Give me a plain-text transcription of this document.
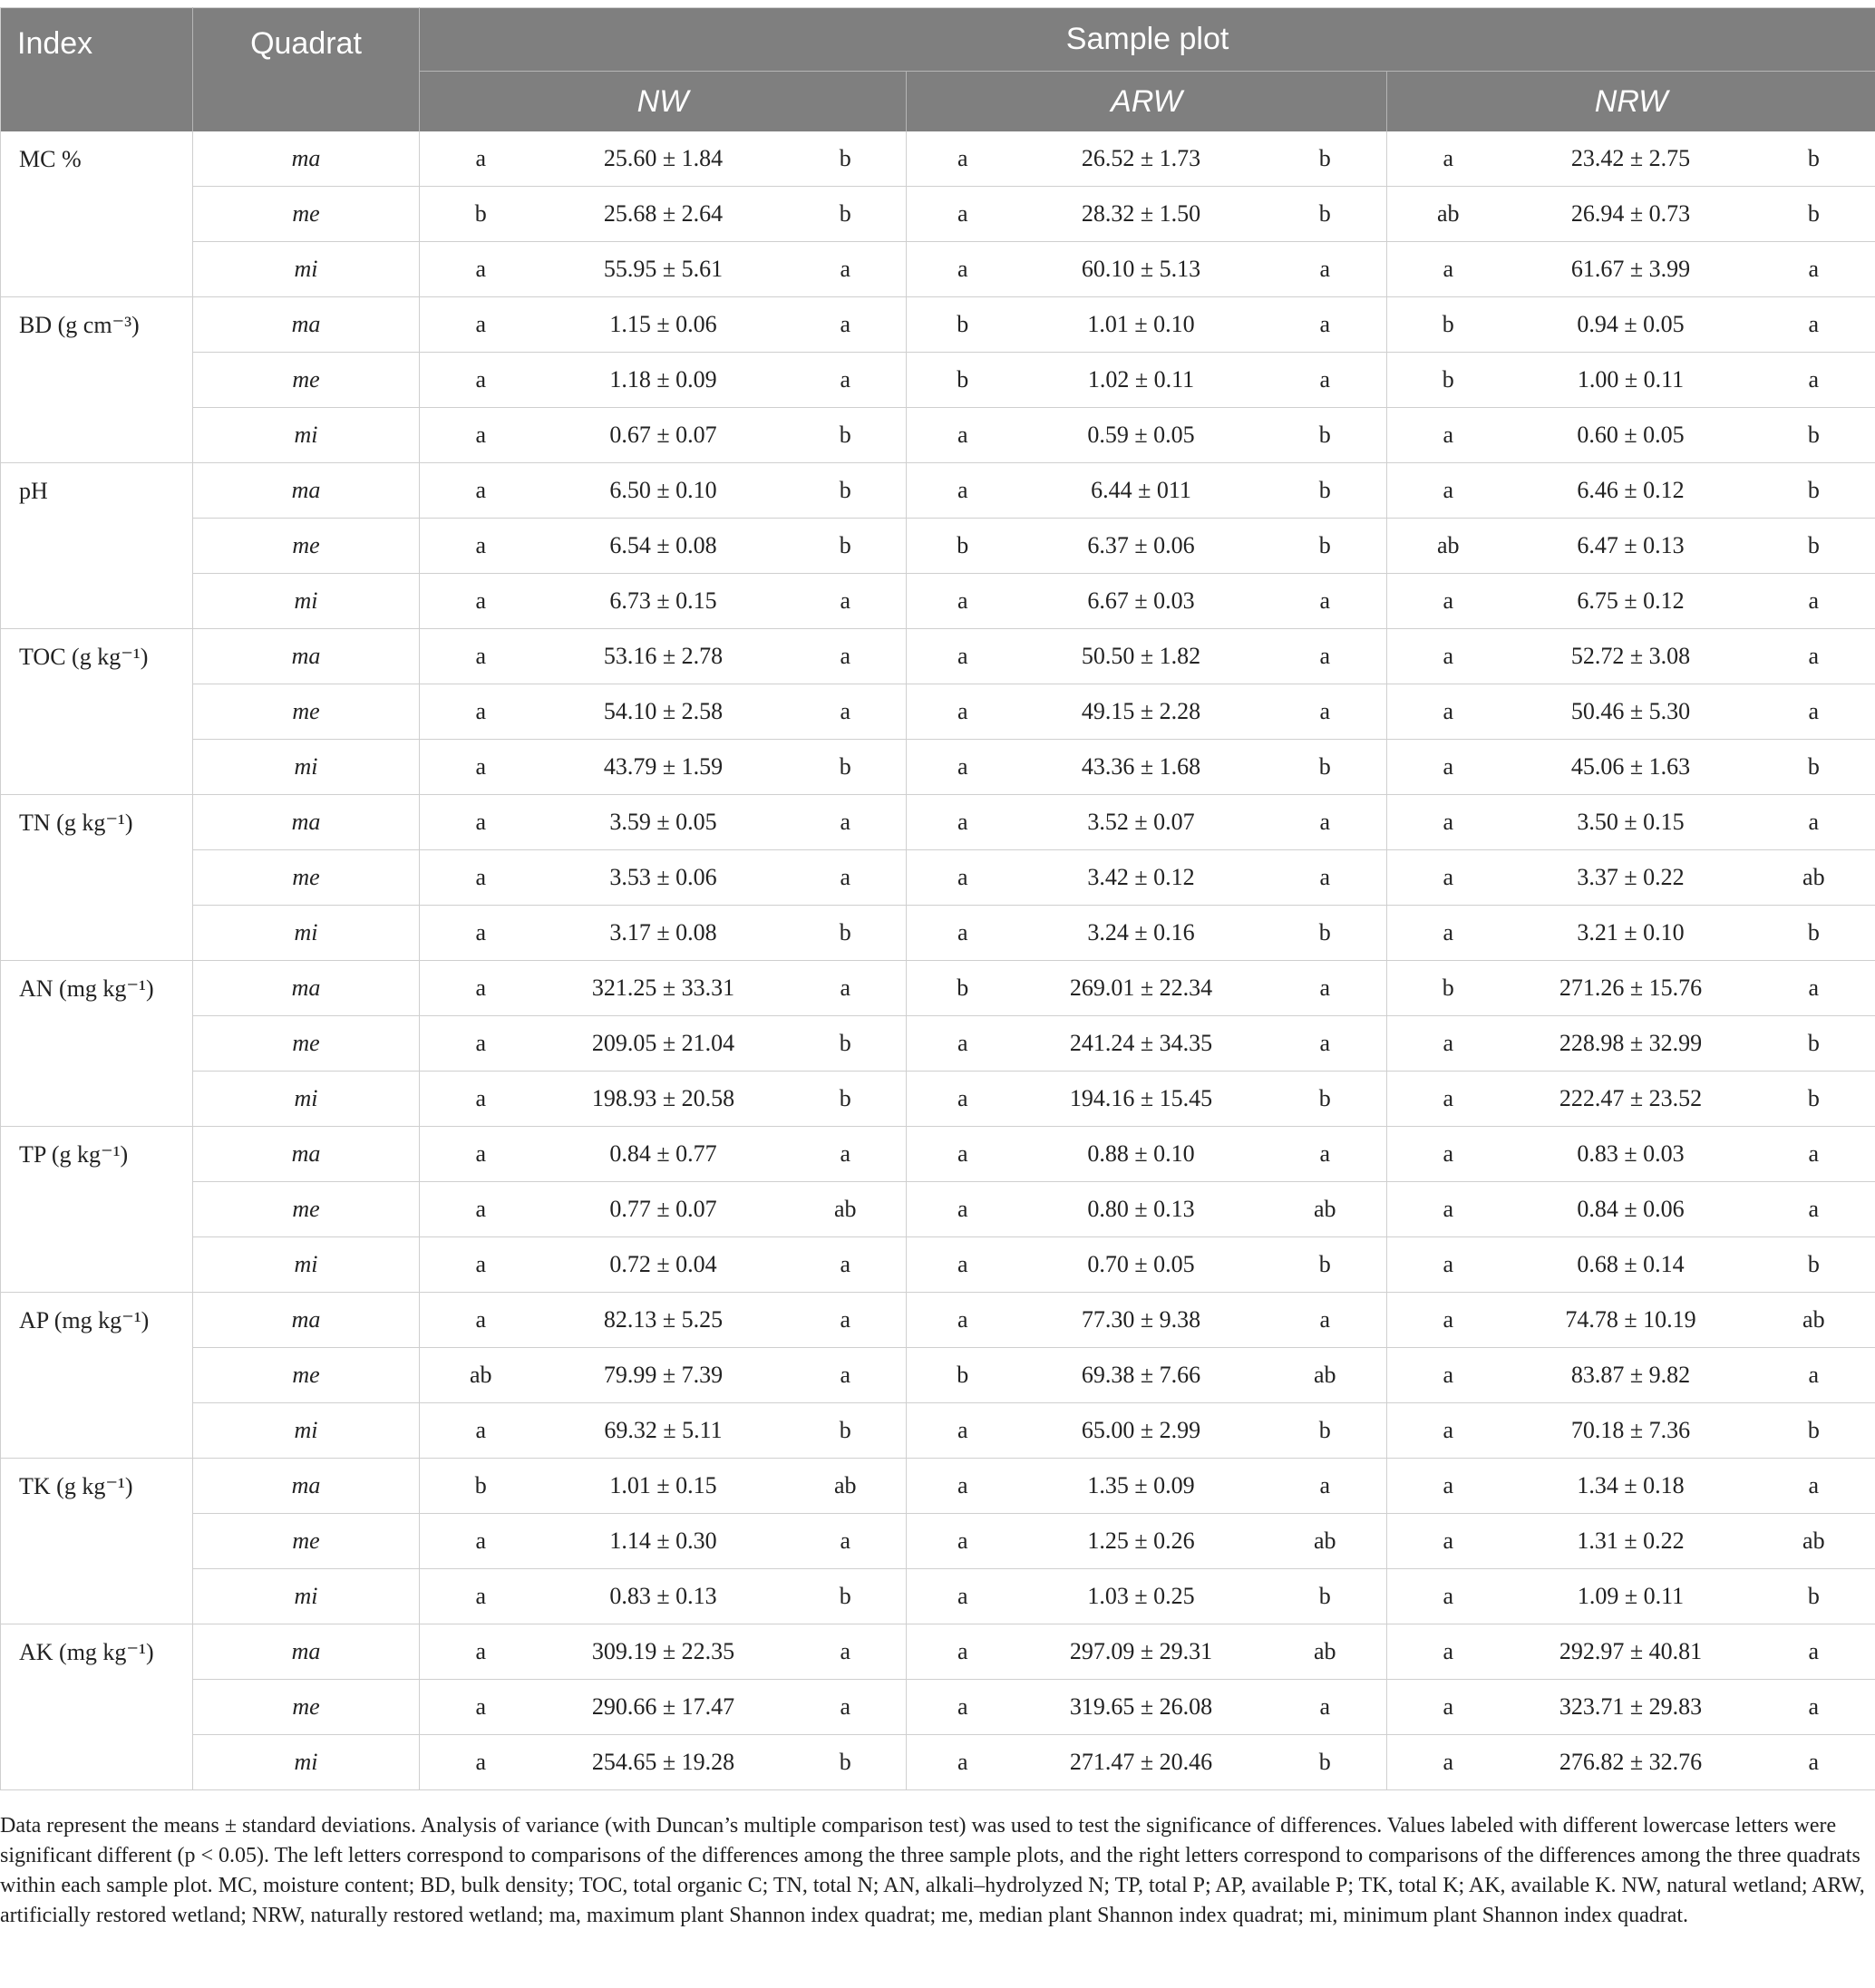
Index	Quadrat	Sample plot								
		NW			ARW			NRW		
MC %	ma	a	25.60 ± 1.84	b	a	26.52 ± 1.73	b	a	23.42 ± 2.75	b
	me	b	25.68 ± 2.64	b	a	28.32 ± 1.50	b	ab	26.94 ± 0.73	b
	mi	a	55.95 ± 5.61	a	a	60.10 ± 5.13	a	a	61.67 ± 3.99	a
BD (g cm⁻³)	ma	a	1.15 ± 0.06	a	b	1.01 ± 0.10	a	b	0.94 ± 0.05	a
	me	a	1.18 ± 0.09	a	b	1.02 ± 0.11	a	b	1.00 ± 0.11	a
	mi	a	0.67 ± 0.07	b	a	0.59 ± 0.05	b	a	0.60 ± 0.05	b
pH	ma	a	6.50 ± 0.10	b	a	6.44 ± 011	b	a	6.46 ± 0.12	b
	me	a	6.54 ± 0.08	b	b	6.37 ± 0.06	b	ab	6.47 ± 0.13	b
	mi	a	6.73 ± 0.15	a	a	6.67 ± 0.03	a	a	6.75 ± 0.12	a
TOC (g kg⁻¹)	ma	a	53.16 ± 2.78	a	a	50.50 ± 1.82	a	a	52.72 ± 3.08	a
	me	a	54.10 ± 2.58	a	a	49.15 ± 2.28	a	a	50.46 ± 5.30	a
	mi	a	43.79 ± 1.59	b	a	43.36 ± 1.68	b	a	45.06 ± 1.63	b
TN (g kg⁻¹)	ma	a	3.59 ± 0.05	a	a	3.52 ± 0.07	a	a	3.50 ± 0.15	a
	me	a	3.53 ± 0.06	a	a	3.42 ± 0.12	a	a	3.37 ± 0.22	ab
	mi	a	3.17 ± 0.08	b	a	3.24 ± 0.16	b	a	3.21 ± 0.10	b
AN (mg kg⁻¹)	ma	a	321.25 ± 33.31	a	b	269.01 ± 22.34	a	b	271.26 ± 15.76	a
	me	a	209.05 ± 21.04	b	a	241.24 ± 34.35	a	a	228.98 ± 32.99	b
	mi	a	198.93 ± 20.58	b	a	194.16 ± 15.45	b	a	222.47 ± 23.52	b
TP (g kg⁻¹)	ma	a	0.84 ± 0.77	a	a	0.88 ± 0.10	a	a	0.83 ± 0.03	a
	me	a	0.77 ± 0.07	ab	a	0.80 ± 0.13	ab	a	0.84 ± 0.06	a
	mi	a	0.72 ± 0.04	a	a	0.70 ± 0.05	b	a	0.68 ± 0.14	b
AP (mg kg⁻¹)	ma	a	82.13 ± 5.25	a	a	77.30 ± 9.38	a	a	74.78 ± 10.19	ab
	me	ab	79.99 ± 7.39	a	b	69.38 ± 7.66	ab	a	83.87 ± 9.82	a
	mi	a	69.32 ± 5.11	b	a	65.00 ± 2.99	b	a	70.18 ± 7.36	b
TK (g kg⁻¹)	ma	b	1.01 ± 0.15	ab	a	1.35 ± 0.09	a	a	1.34 ± 0.18	a
	me	a	1.14 ± 0.30	a	a	1.25 ± 0.26	ab	a	1.31 ± 0.22	ab
	mi	a	0.83 ± 0.13	b	a	1.03 ± 0.25	b	a	1.09 ± 0.11	b
AK (mg kg⁻¹)	ma	a	309.19 ± 22.35	a	a	297.09 ± 29.31	ab	a	292.97 ± 40.81	a
	me	a	290.66 ± 17.47	a	a	319.65 ± 26.08	a	a	323.71 ± 29.83	a
	mi	a	254.65 ± 19.28	b	a	271.47 ± 20.46	b	a	276.82 ± 32.76	a
Data represent the means ± standard deviations. Analysis of variance (with Duncan’s multiple comparison test) was used to test the significance of differences. Values labeled with different lowercase letters were significant different (p < 0.05). The left letters correspond to comparisons of the differences among the three sample plots, and the right letters correspond to comparisons of the differences among the three quadrats within each sample plot. MC, moisture content; BD, bulk density; TOC, total organic C; TN, total N; AN, alkali–hydrolyzed N; TP, total P; AP, available P; TK, total K; AK, available K. NW, natural wetland; ARW, artificially restored wetland; NRW, naturally restored wetland; ma, maximum plant Shannon index quadrat; me, median plant Shannon index quadrat; mi, minimum plant Shannon index quadrat.
